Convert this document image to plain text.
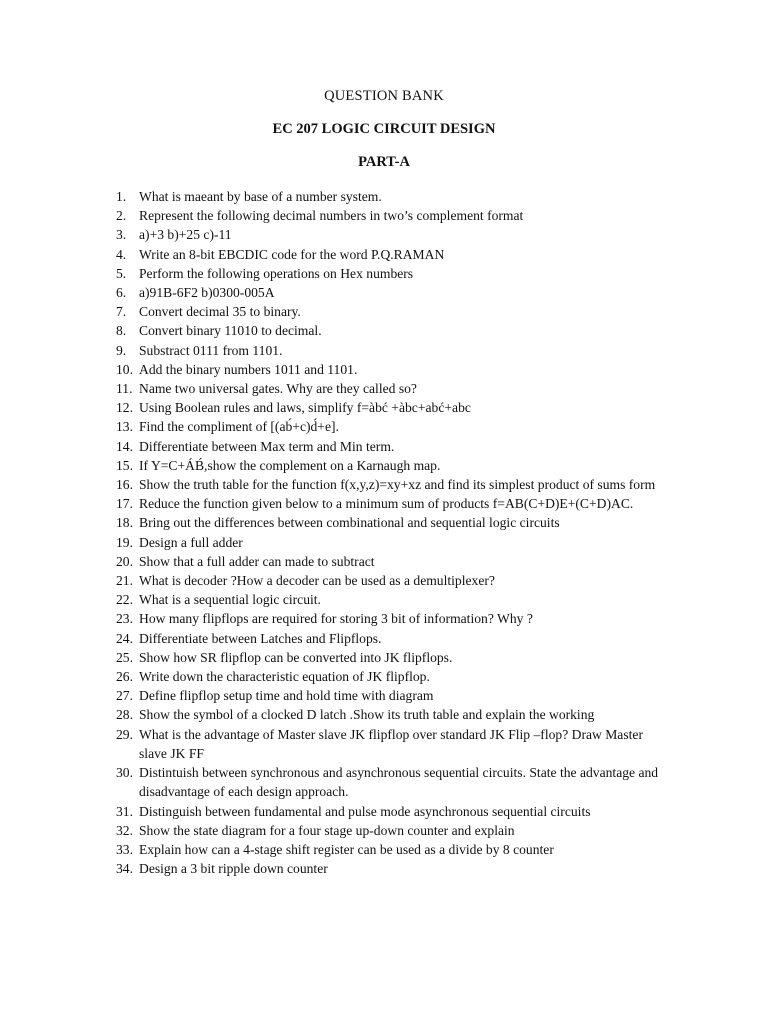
QUESTION BANK
EC 207 LOGIC CIRCUIT DESIGN
PART-A
1. What is maeant by base of a number system.
2. Represent the following decimal numbers in two’s complement format
3. a)+3 b)+25 c)-11
4. Write an 8-bit EBCDIC code for the word P.Q.RAMAN
5. Perform the following operations on Hex numbers
6. a)91B-6F2 b)0300-005A
7. Convert decimal 35 to binary.
8. Convert binary 11010 to decimal.
9. Substract 0111 from 1101.
10. Add the binary numbers 1011 and 1101.
11. Name two universal gates. Why are they called so?
12. Using Boolean rules and laws, simplify f=àbć +àbc+abć+abc
13. Find the compliment of [(ab́+c)d́+e].
14. Differentiate between Max term and Min term.
15. If Y=C+ÁB́,show the complement on a Karnaugh map.
16. Show the truth table for the function f(x,y,z)=xy+xz and find its simplest product of sums form
17. Reduce the function given below to a minimum sum of products f=AB(C+D)E+(C+D)AC.
18. Bring out the differences between combinational and sequential logic circuits
19. Design a full adder
20. Show that a full adder can made to subtract
21. What is decoder ?How a decoder can be used as a demultiplexer?
22. What is a sequential logic circuit.
23. How many flipflops are required for storing 3 bit of information? Why ?
24. Differentiate between Latches and Flipflops.
25. Show how SR flipflop can be converted into JK flipflops.
26. Write down the characteristic equation of JK flipflop.
27. Define flipflop setup time and hold time with diagram
28. Show the symbol of a clocked D latch .Show its truth table and explain the working
29. What is the advantage of Master slave JK flipflop over standard JK Flip –flop? Draw Master slave JK FF
30. Distintuish between synchronous and asynchronous sequential circuits. State the advantage and disadvantage of each design approach.
31. Distinguish between fundamental and pulse mode asynchronous sequential circuits
32. Show the state diagram for a four stage up-down counter and explain
33. Explain how can a 4-stage shift register can be used as a divide by 8 counter
34. Design a 3 bit ripple down counter
